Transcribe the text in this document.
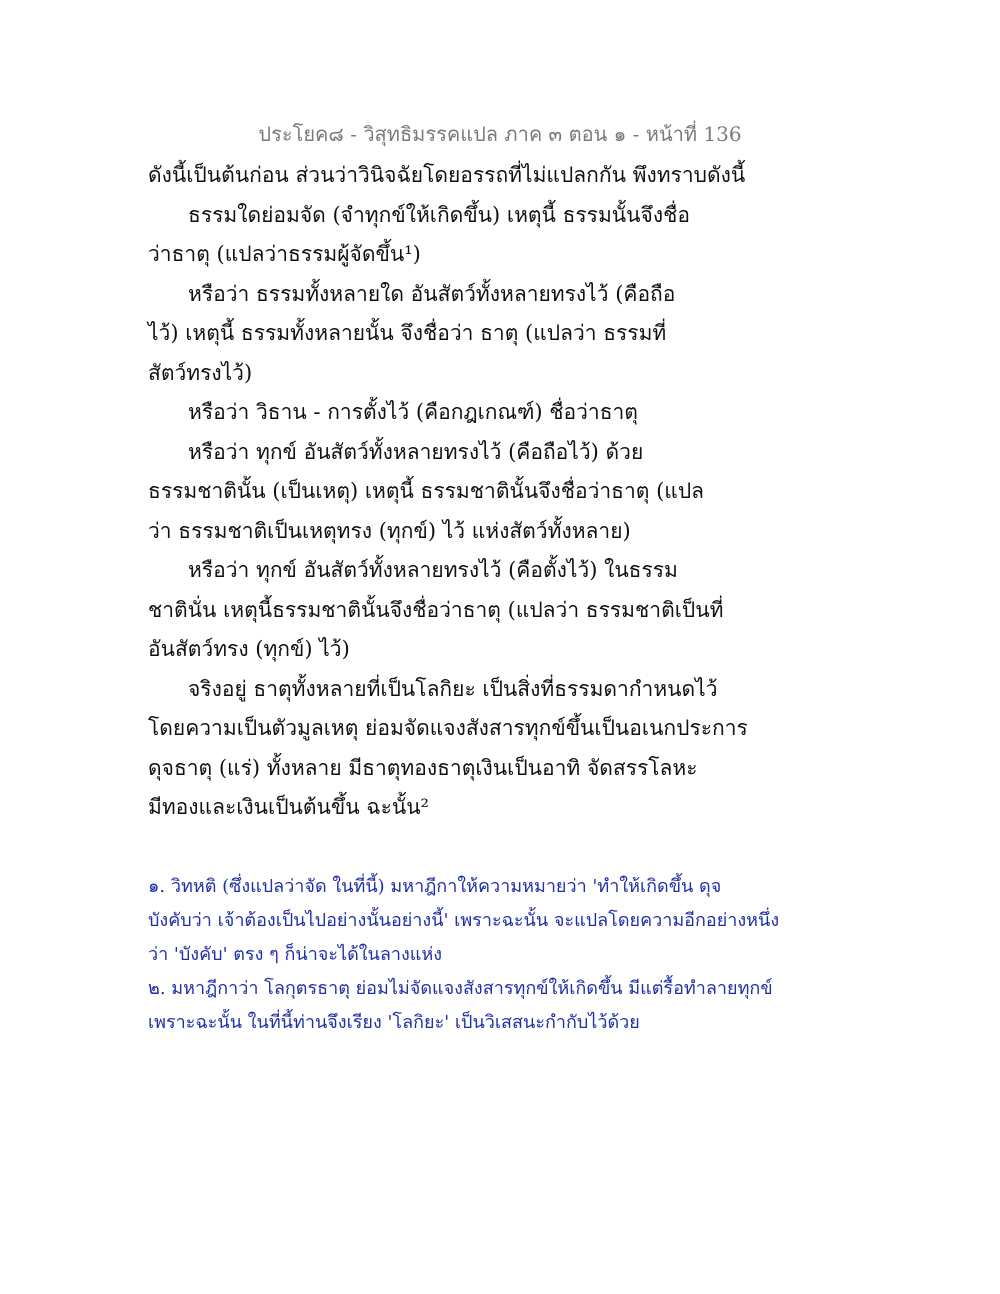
ประโยค๘ - วิสุทธิมรรคแปล ภาค ๓ ตอน ๑ - หน้าที่ 136
ดังนี้เป็นต้นก่อน ส่วนว่าวินิจฉัยโดยอรรถที่ไม่แปลกกัน พึงทราบดังนี้
ธรรมใดย่อมจัด (จำทุกข์ให้เกิดขึ้น) เหตุนี้ ธรรมนั้นจึงชื่อ
ว่าธาตุ (แปลว่าธรรมผู้จัดขึ้น¹)
หรือว่า ธรรมทั้งหลายใด อันสัตว์ทั้งหลายทรงไว้ (คือถือ
ไว้) เหตุนี้ ธรรมทั้งหลายนั้น จึงชื่อว่า ธาตุ (แปลว่า ธรรมที่
สัตว์ทรงไว้)
หรือว่า วิธาน - การตั้งไว้ (คือกฎเกณฑ์) ชื่อว่าธาตุ
หรือว่า ทุกข์ อันสัตว์ทั้งหลายทรงไว้ (คือถือไว้) ด้วย
ธรรมชาตินั้น (เป็นเหตุ) เหตุนี้ ธรรมชาตินั้นจึงชื่อว่าธาตุ (แปล
ว่า ธรรมชาติเป็นเหตุทรง (ทุกข์) ไว้ แห่งสัตว์ทั้งหลาย)
หรือว่า ทุกข์ อันสัตว์ทั้งหลายทรงไว้ (คือตั้งไว้) ในธรรม
ชาตินั่น เหตุนี้ธรรมชาตินั้นจึงชื่อว่าธาตุ (แปลว่า ธรรมชาติเป็นที่
อันสัตว์ทรง (ทุกข์) ไว้)
จริงอยู่ ธาตุทั้งหลายที่เป็นโลกิยะ เป็นสิ่งที่ธรรมดากำหนดไว้
โดยความเป็นตัวมูลเหตุ ย่อมจัดแจงสังสารทุกข์ขึ้นเป็นอเนกประการ
ดุจธาตุ (แร่) ทั้งหลาย มีธาตุทองธาตุเงินเป็นอาทิ จัดสรรโลหะ
มีทองและเงินเป็นต้นขึ้น ฉะนั้น²
๑. วิทหติ (ซึ่งแปลว่าจัด ในที่นี้) มหาฎีกาให้ความหมายว่า 'ทำให้เกิดขึ้น ดุจ
บังคับว่า เจ้าต้องเป็นไปอย่างนั้นอย่างนี้' เพราะฉะนั้น จะแปลโดยความอีกอย่างหนึ่ง
ว่า 'บังคับ' ตรง ๆ ก็น่าจะได้ในลางแห่ง
๒. มหาฎีกาว่า โลกุตรธาตุ ย่อมไม่จัดแจงสังสารทุกข์ให้เกิดขึ้น มีแต่รื้อทำลายทุกข์
เพราะฉะนั้น ในที่นี้ท่านจึงเรียง 'โลกิยะ' เป็นวิเสสนะกำกับไว้ด้วย
